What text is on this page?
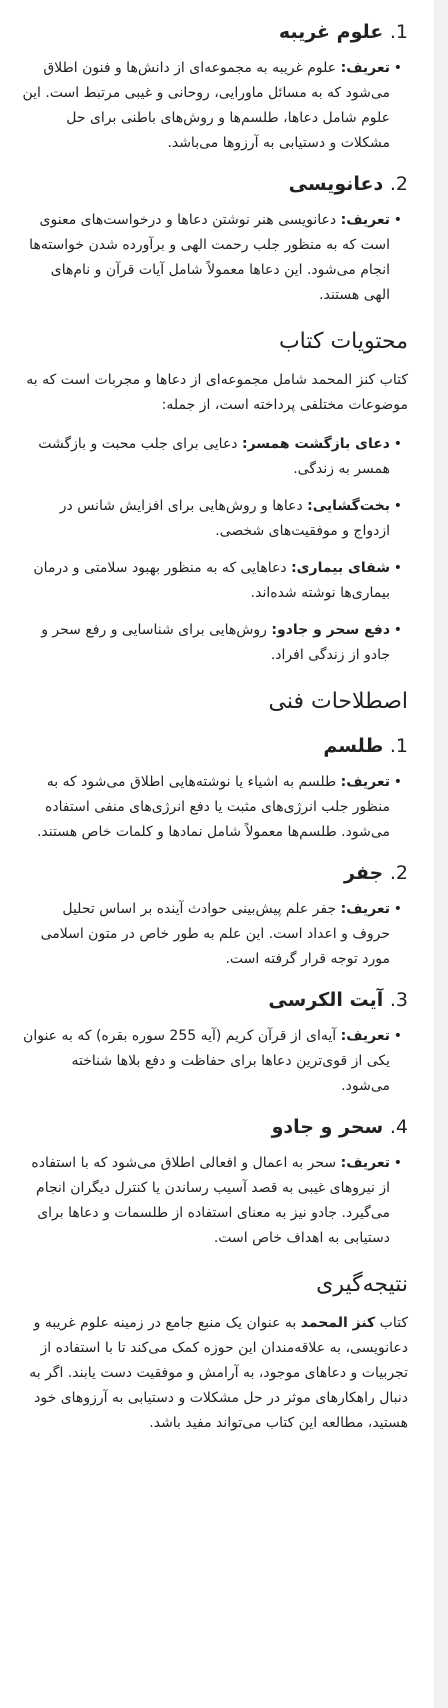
1. علوم غریبه
• تعریف: علوم غریبه به مجموعه‌ای از دانش‌ها و فنون اطلاق می‌شود که به مسائل ماورایی، روحانی و غیبی مرتبط است. این علوم شامل دعاها، طلسم‌ها و روش‌های باطنی برای حل مشکلات و دستیابی به آرزوها می‌باشد.
2. دعانویسی
• تعریف: دعانویسی هنر نوشتن دعاها و درخواست‌های معنوی است که به منظور جلب رحمت الهی و برآورده شدن خواسته‌ها انجام می‌شود. این دعاها معمولاً شامل آیات قرآن و نام‌های الهی هستند.
محتویات کتاب

کتاب کنز المحمد شامل مجموعه‌ای از دعاها و مجربات است که به موضوعات مختلفی پرداخته است، از جمله:

• دعای بازگشت همسر: دعایی برای جلب محبت و بازگشت همسر به زندگی.
• بخت‌گشایی: دعاها و روش‌هایی برای افزایش شانس در ازدواج و موفقیت‌های شخصی.
• شفای بیماری: دعاهایی که به منظور بهبود سلامتی و درمان بیماری‌ها نوشته شده‌اند.
• دفع سحر و جادو: روش‌هایی برای شناسایی و رفع سحر و جادو از زندگی افراد.
اصطلاحات فنی
1. طلسم
• تعریف: طلسم به اشیاء یا نوشته‌هایی اطلاق می‌شود که به منظور جلب انرژی‌های مثبت یا دفع انرژی‌های منفی استفاده می‌شود. طلسم‌ها معمولاً شامل نمادها و کلمات خاص هستند.
2. جفر
• تعریف: جفر علم پیش‌بینی حوادث آینده بر اساس تحلیل حروف و اعداد است. این علم به طور خاص در متون اسلامی مورد توجه قرار گرفته است.
3. آیت الکرسی
• تعریف: آیه‌ای از قرآن کریم (آیه 255 سوره بقره) که به عنوان یکی از قوی‌ترین دعاها برای حفاظت و دفع بلاها شناخته می‌شود.
4. سحر و جادو
• تعریف: سحر به اعمال و افعالی اطلاق می‌شود که با استفاده از نیروهای غیبی به قصد آسیب رساندن یا کنترل دیگران انجام می‌گیرد. جادو نیز به معنای استفاده از طلسمات و دعاها برای دستیابی به اهداف خاص است.
نتیجه‌گیری

کتاب کنز المحمد به عنوان یک منبع جامع در زمینه علوم غریبه و دعانویسی، به علاقه‌مندان این حوزه کمک می‌کند تا با استفاده از تجربیات و دعاهای موجود، به آرامش و موفقیت دست یابند. اگر به دنبال راهکارهای موثر در حل مشکلات و دستیابی به آرزوهای خود هستید، مطالعه این کتاب می‌تواند مفید باشد.
